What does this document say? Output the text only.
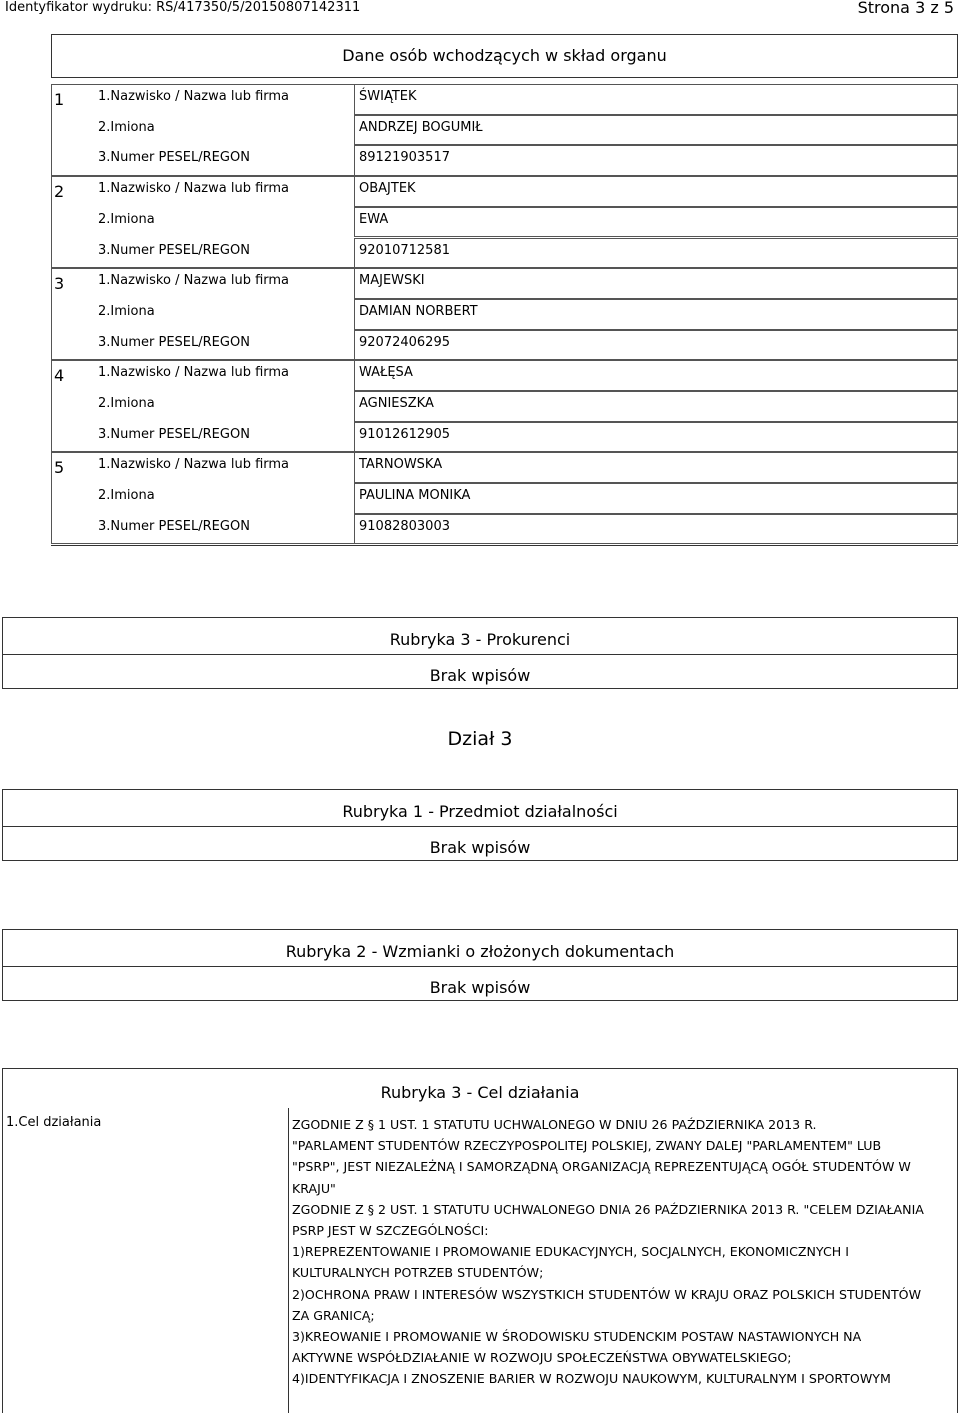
Identyfikator wydruku: RS/417350/5/20150807142311	Strona 3 z 5
Dane osób wchodzących w skład organu
1	1.Nazwisko / Nazwa lub firma	ŚWIĄTEK
2.Imiona	ANDRZEJ BOGUMIŁ
3.Numer PESEL/REGON	89121903517
2	1.Nazwisko / Nazwa lub firma	OBAJTEK
2.Imiona	EWA
3.Numer PESEL/REGON	92010712581
3	1.Nazwisko / Nazwa lub firma	MAJEWSKI
2.Imiona	DAMIAN NORBERT
3.Numer PESEL/REGON	92072406295
4	1.Nazwisko / Nazwa lub firma	WAŁĘSA
2.Imiona	AGNIESZKA
3.Numer PESEL/REGON	91012612905
5	1.Nazwisko / Nazwa lub firma	TARNOWSKA
2.Imiona	PAULINA MONIKA
3.Numer PESEL/REGON	91082803003
Rubryka 3 - Prokurenci
Brak wpisów
Dział 3
Rubryka 1 - Przedmiot działalności
Brak wpisów
Rubryka 2 - Wzmianki o złożonych dokumentach
Brak wpisów
Rubryka 3 - Cel działania
1.Cel działania	ZGODNIE Z § 1 UST. 1 STATUTU UCHWALONEGO W DNIU 26 PAŹDZIERNIKA 2013 R.
"PARLAMENT STUDENTÓW RZECZYPOSPOLITEJ POLSKIEJ, ZWANY DALEJ "PARLAMENTEM" LUB
"PSRP", JEST NIEZALEŻNĄ I SAMORZĄDNĄ ORGANIZACJĄ REPREZENTUJĄCĄ OGÓŁ STUDENTÓW W
KRAJU"
ZGODNIE Z § 2 UST. 1 STATUTU UCHWALONEGO DNIA 26 PAŹDZIERNIKA 2013 R. "CELEM DZIAŁANIA
PSRP JEST W SZCZEGÓLNOŚCI:
1)REPREZENTOWANIE I PROMOWANIE EDUKACYJNYCH, SOCJALNYCH, EKONOMICZNYCH I
KULTURALNYCH POTRZEB STUDENTÓW;
2)OCHRONA PRAW I INTERESÓW WSZYSTKICH STUDENTÓW W KRAJU ORAZ POLSKICH STUDENTÓW
ZA GRANICĄ;
3)KREOWANIE I PROMOWANIE W ŚRODOWISKU STUDENCKIM POSTAW NASTAWIONYCH NA
AKTYWNE WSPÓŁDZIAŁANIE W ROZWOJU SPOŁECZEŃSTWA OBYWATELSKIEGO;
4)IDENTYFIKACJA I ZNOSZENIE BARIER W ROZWOJU NAUKOWYM, KULTURALNYM I SPORTOWYM
